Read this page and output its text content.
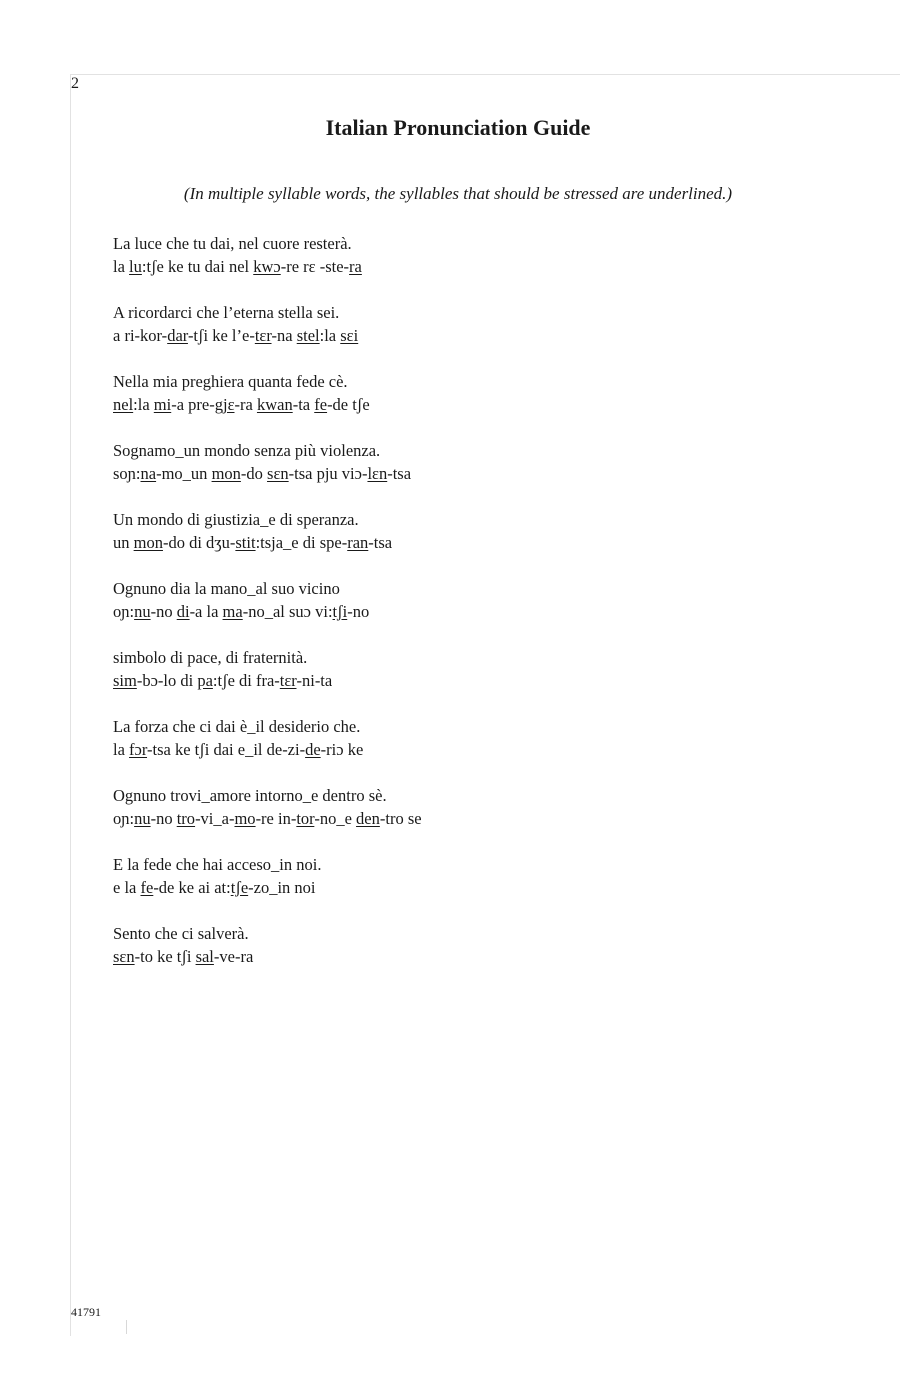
2
Italian Pronunciation Guide
(In multiple syllable words, the syllables that should be stressed are underlined.)

La luce che tu dai, nel cuore resterà.
la lu:tʃe ke tu dai nel kwɔ-re rɛ -ste-ra

A ricordarci che l’eterna stella sei.
a ri-kor-dar-tʃi ke l’e-tɛr-na stel:la sɛi

Nella mia preghiera quanta fede cè.
nel:la mi-a pre-gjɛ-ra kwan-ta fe-de tʃe

Sognamo_un mondo senza più violenza.
soɲ:na-mo_un mon-do sɛn-tsa pju viɔ-lɛn-tsa

Un mondo di giustizia_e di speranza.
un mon-do di dʒu-stit:tsja_e di spe-ran-tsa

Ognuno dia la mano_al suo vicino
oɲ:nu-no di-a la ma-no_al suɔ vi:tʃi-no

simbolo di pace, di fraternità.
sim-bɔ-lo di pa:tʃe di fra-tɛr-ni-ta

La forza che ci dai è_il desiderio che.
la fɔr-tsa ke tʃi dai e_il de-zi-de-riɔ ke

Ognuno trovi_amore intorno_e dentro sè.
oɲ:nu-no tro-vi_a-mo-re in-tor-no_e den-tro se

E la fede che hai acceso_in noi.
e la fe-de ke ai at:tʃe-zo_in noi

Sento che ci salverà.
sɛn-to ke tʃi sal-ve-ra

41791
